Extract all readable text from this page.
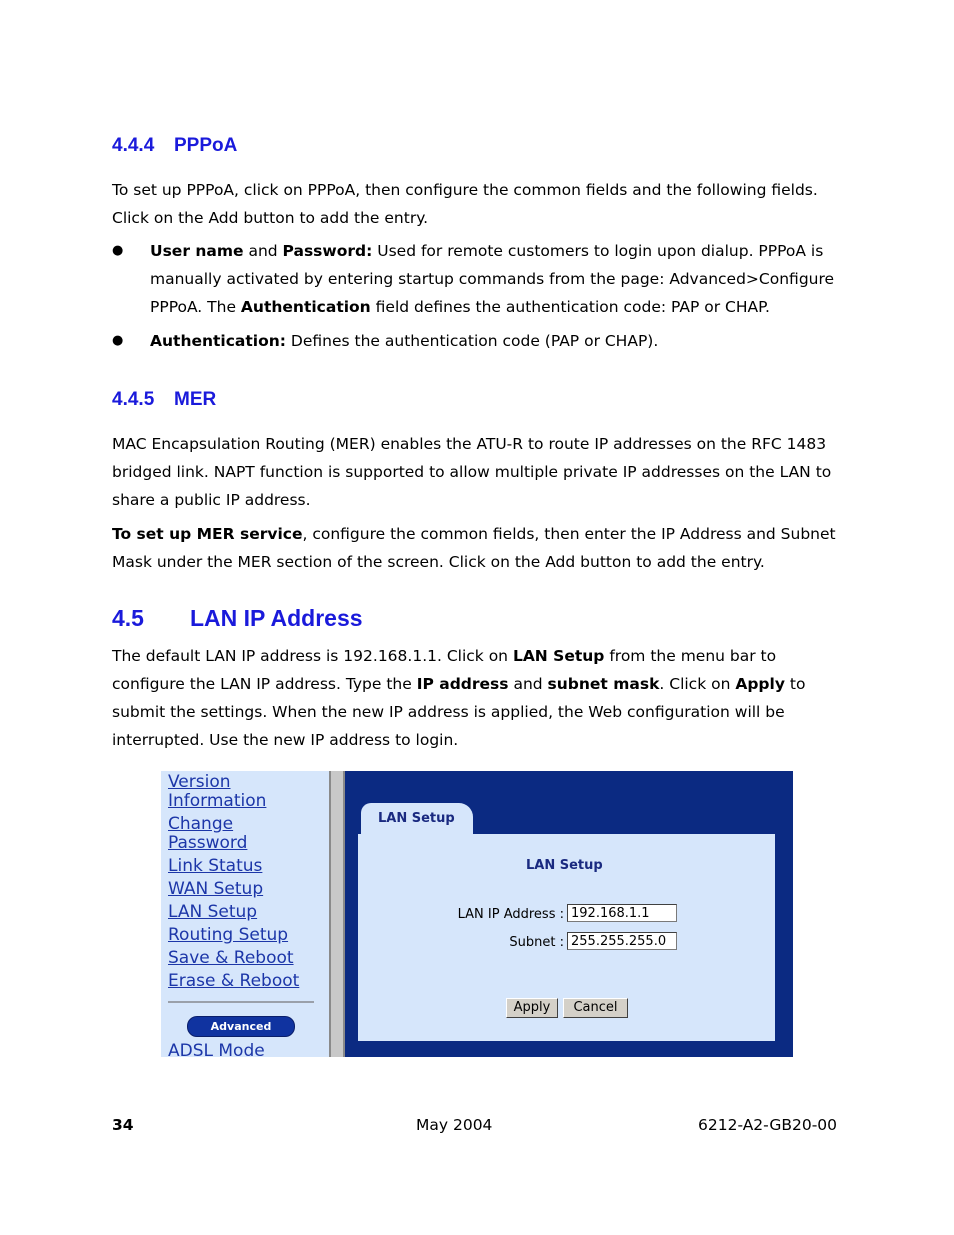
4.4.4 PPPoA
To set up PPPoA, click on PPPoA, then configure the common fields and the following fields. Click on the Add button to add the entry.
● User name and Password: Used for remote customers to login upon dialup. PPPoA is manually activated by entering startup commands from the page: Advanced>Configure PPPoA. The Authentication field defines the authentication code: PAP or CHAP.
● Authentication: Defines the authentication code (PAP or CHAP).
4.4.5 MER
MAC Encapsulation Routing (MER) enables the ATU-R to route IP addresses on the RFC 1483 bridged link. NAPT function is supported to allow multiple private IP addresses on the LAN to share a public IP address.
To set up MER service, configure the common fields, then enter the IP Address and Subnet Mask under the MER section of the screen. Click on the Add button to add the entry.
4.5 LAN IP Address
The default LAN IP address is 192.168.1.1. Click on LAN Setup from the menu bar to configure the LAN IP address. Type the IP address and subnet mask. Click on Apply to submit the settings. When the new IP address is applied, the Web configuration will be interrupted. Use the new IP address to login.
Version
Information
Change
Password
Link Status
WAN Setup
LAN Setup
Routing Setup
Save & Reboot
Erase & Reboot
Advanced
ADSL Mode
LAN Setup
LAN Setup
LAN IP Address : 192.168.1.1
Subnet : 255.255.255.0
Apply	Cancel
34	May 2004	6212-A2-GB20-00
